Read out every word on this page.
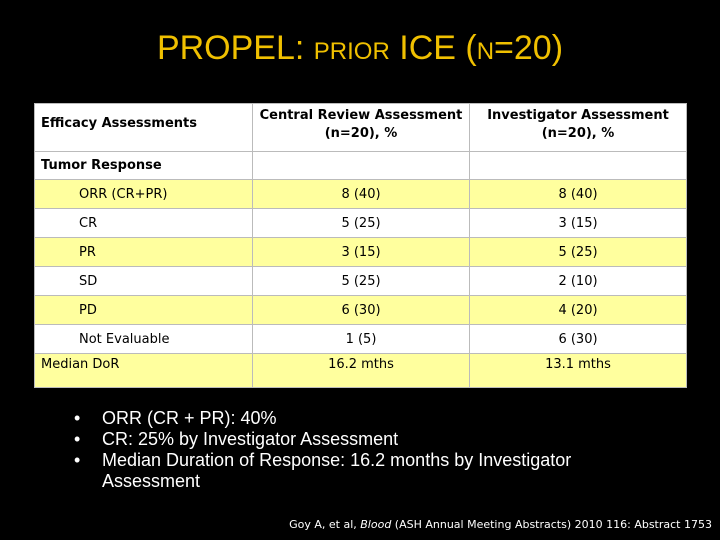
PROPEL: PRIOR ICE (N=20)
Efficacy Assessments	Central Review Assessment (n=20), %	Investigator Assessment (n=20), %
Tumor Response		
ORR (CR+PR)	8 (40)	8 (40)
CR	5 (25)	3 (15)
PR	3 (15)	5 (25)
SD	5 (25)	2 (10)
PD	6 (30)	4 (20)
Not Evaluable	1 (5)	6 (30)
Median DoR	16.2 mths	13.1 mths
• ORR (CR + PR): 40%
• CR: 25% by Investigator Assessment
• Median Duration of Response: 16.2 months by Investigator Assessment
Goy A, et al, Blood (ASH Annual Meeting Abstracts) 2010 116: Abstract 1753
